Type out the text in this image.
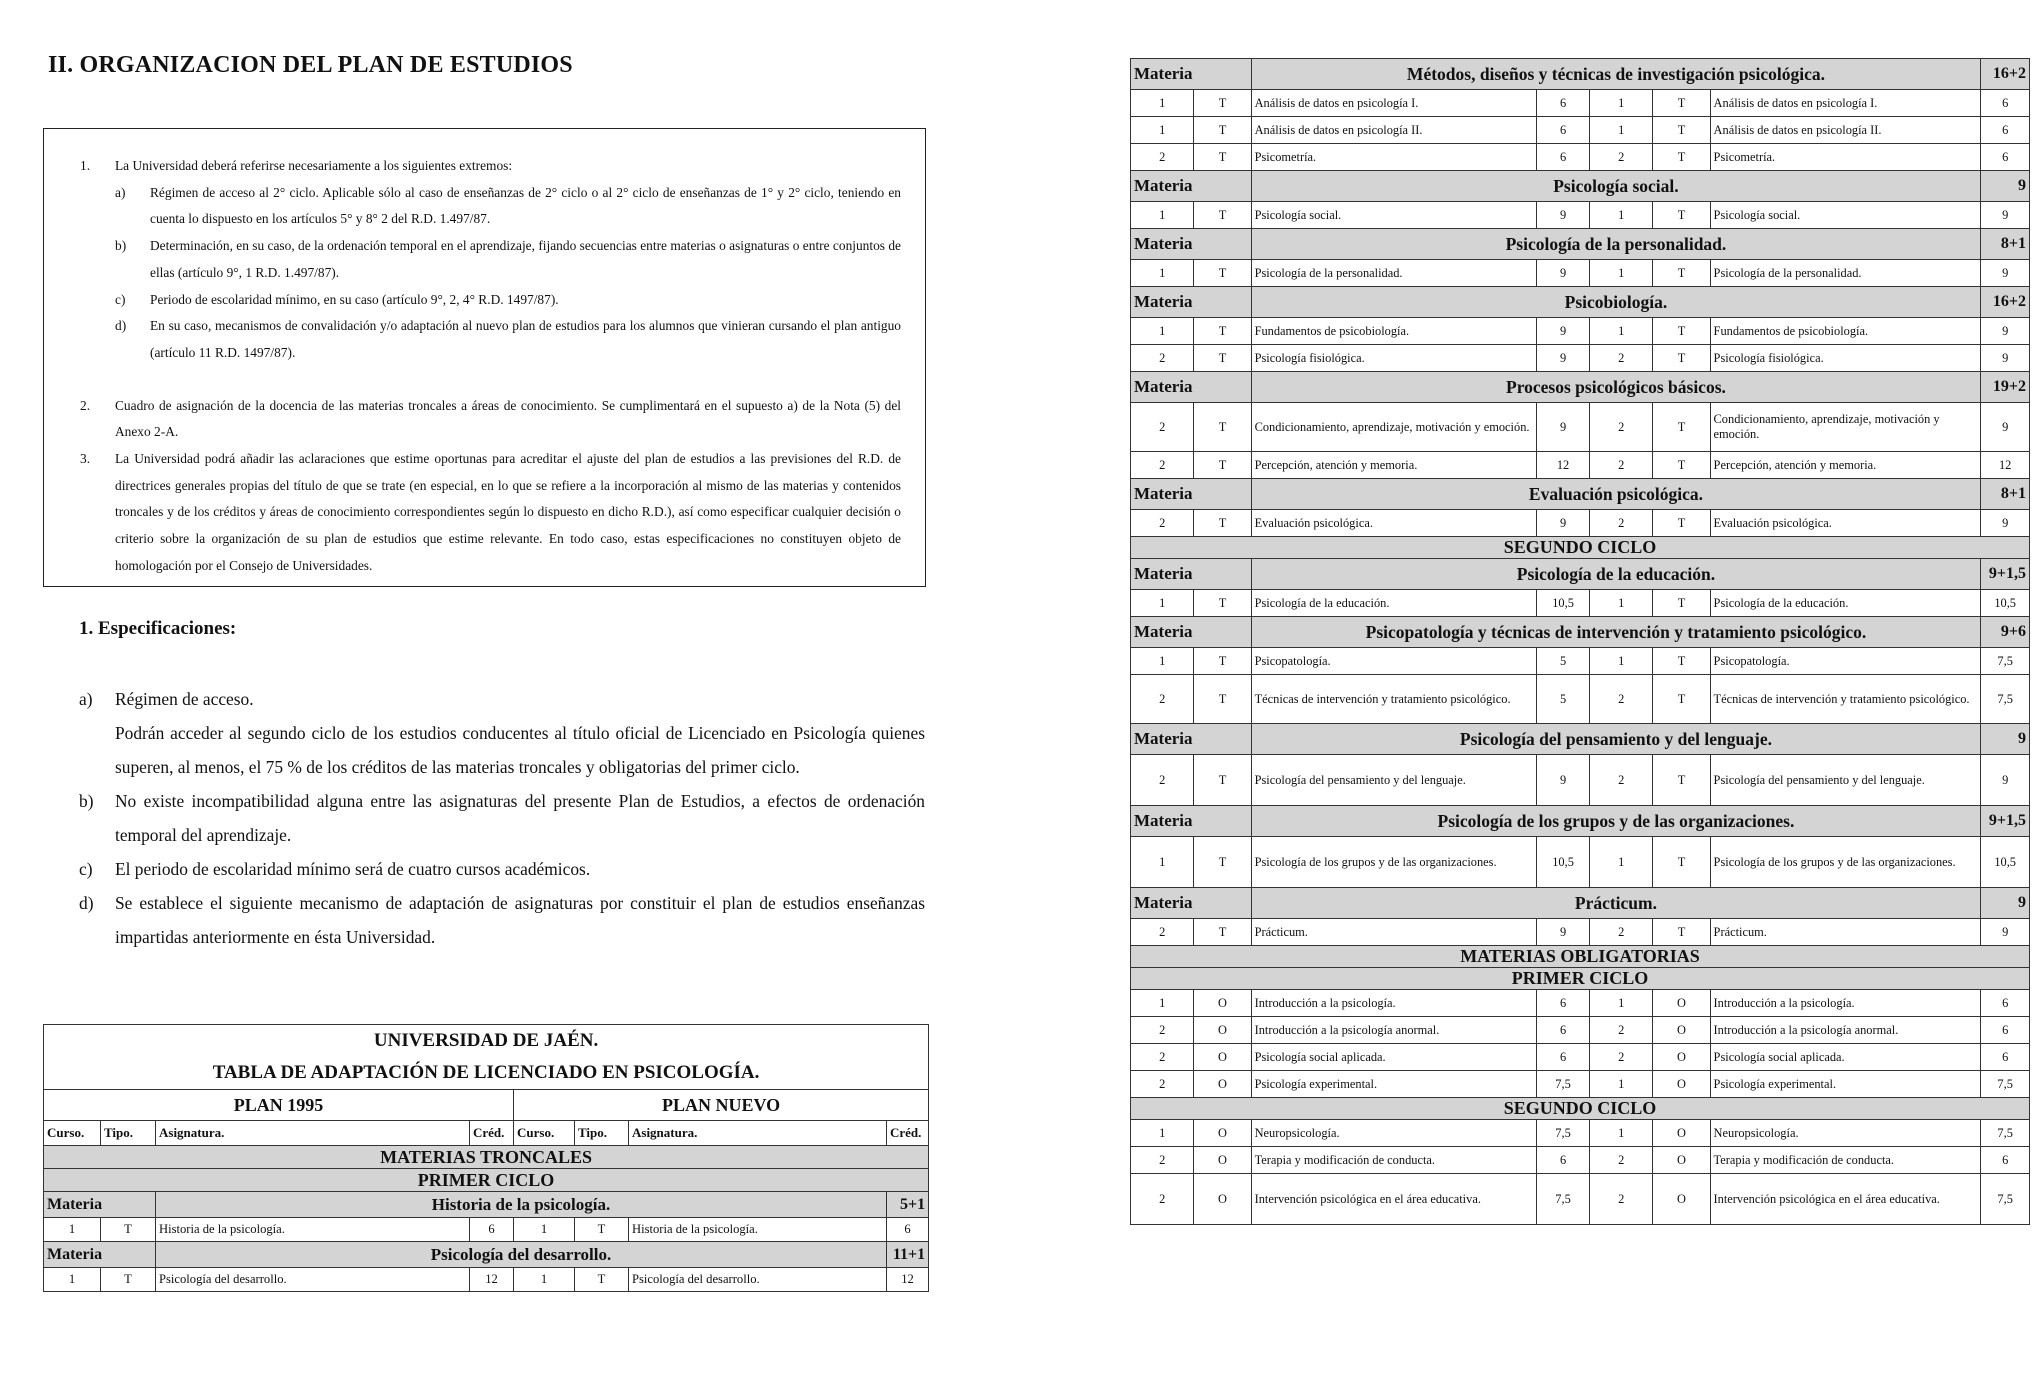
II. ORGANIZACION DEL PLAN DE ESTUDIOS
1.	La Universidad deberá referirse necesariamente a los siguientes extremos:
a)	Régimen de acceso al 2° ciclo. Aplicable sólo al caso de enseñanzas de 2° ciclo o al 2° ciclo de enseñanzas de 1° y 2° ciclo, teniendo en cuenta lo dispuesto en los artículos 5° y 8° 2 del R.D. 1.497/87.
b)	Determinación, en su caso, de la ordenación temporal en el aprendizaje, fijando secuencias entre materias o asignaturas o entre conjuntos de ellas (artículo 9°, 1 R.D. 1.497/87).
c)	Periodo de escolaridad mínimo, en su caso (artículo 9°, 2, 4° R.D. 1497/87).
d)	En su caso, mecanismos de convalidación y/o adaptación al nuevo plan de estudios para los alumnos que vinieran cursando el plan antiguo (artículo 11 R.D. 1497/87).
2.	Cuadro de asignación de la docencia de las materias troncales a áreas de conocimiento. Se cumplimentará en el supuesto a) de la Nota (5) del Anexo 2-A.
3.	La Universidad podrá añadir las aclaraciones que estime oportunas para acreditar el ajuste del plan de estudios a las previsiones del R.D. de directrices generales propias del título de que se trate (en especial, en lo que se refiere a la incorporación al mismo de las materias y contenidos troncales y de los créditos y áreas de conocimiento correspondientes según lo dispuesto en dicho R.D.), así como especificar cualquier decisión o criterio sobre la organización de su plan de estudios que estime relevante. En todo caso, estas especificaciones no constituyen objeto de homologación por el Consejo de Universidades.
1. Especificaciones:
a)	Régimen de acceso.
Podrán acceder al segundo ciclo de los estudios conducentes al título oficial de Licenciado en Psicología quienes superen, al menos, el 75 % de los créditos de las materias troncales y obligatorias del primer ciclo.
b)	No existe incompatibilidad alguna entre las asignaturas del presente Plan de Estudios, a efectos de ordenación temporal del aprendizaje.
c)	El periodo de escolaridad mínimo será de cuatro cursos académicos.
d)	Se establece el siguiente mecanismo de adaptación de asignaturas por constituir el plan de estudios enseñanzas impartidas anteriormente en ésta Universidad.
UNIVERSIDAD DE JAÉN.							
TABLA DE ADAPTACIÓN DE LICENCIADO EN PSICOLOGÍA.							
PLAN 1995				PLAN NUEVO			
Curso.	Tipo.	Asignatura.	Créd.	Curso.	Tipo.	Asignatura.	Créd.
MATERIAS TRONCALES							
PRIMER CICLO							
Materia		Historia de la psicología.					5+1
1	T	Historia de la psicología.	6	1	T	Historia de la psicología.	6
Materia		Psicología del desarrollo.					11+1
1	T	Psicología del desarrollo.	12	1	T	Psicología del desarrollo.	12
Materia		Métodos, diseños y técnicas de investigación psicológica.					16+2
1	T	Análisis de datos en psicología I.	6	1	T	Análisis de datos en psicología I.	6
1	T	Análisis de datos en psicología II.	6	1	T	Análisis de datos en psicología II.	6
2	T	Psicometría.	6	2	T	Psicometría.	6
Materia		Psicología social.					9
1	T	Psicología social.	9	1	T	Psicología social.	9
Materia		Psicología de la personalidad.					8+1
1	T	Psicología de la personalidad.	9	1	T	Psicología de la personalidad.	9
Materia		Psicobiología.					16+2
1	T	Fundamentos de psicobiología.	9	1	T	Fundamentos de psicobiología.	9
2	T	Psicología fisiológica.	9	2	T	Psicología fisiológica.	9
Materia		Procesos psicológicos básicos.					19+2
2	T	Condicionamiento, aprendizaje, motivación y emoción.	9	2	T	Condicionamiento, aprendizaje, motivación y emoción.	9
2	T	Percepción, atención y memoria.	12	2	T	Percepción, atención y memoria.	12
Materia		Evaluación psicológica.					8+1
2	T	Evaluación psicológica.	9	2	T	Evaluación psicológica.	9
SEGUNDO CICLO							
Materia		Psicología de la educación.					9+1,5
1	T	Psicología de la educación.	10,5	1	T	Psicología de la educación.	10,5
Materia		Psicopatología y técnicas de intervención y tratamiento psicológico.					9+6
1	T	Psicopatología.	5	1	T	Psicopatología.	7,5
2	T	Técnicas de intervención y tratamiento psicológico.	5	2	T	Técnicas de intervención y tratamiento psicológico.	7,5
Materia		Psicología del pensamiento y del lenguaje.					9
2	T	Psicología del pensamiento y del lenguaje.	9	2	T	Psicología del pensamiento y del lenguaje.	9
Materia		Psicología de los grupos y de las organizaciones.					9+1,5
1	T	Psicología de los grupos y de las organizaciones.	10,5	1	T	Psicología de los grupos y de las organizaciones.	10,5
Materia		Prácticum.					9
2	T	Prácticum.	9	2	T	Prácticum.	9
MATERIAS OBLIGATORIAS							
PRIMER CICLO							
1	O	Introducción a la psicología.	6	1	O	Introducción a la psicología.	6
2	O	Introducción a la psicología anormal.	6	2	O	Introducción a la psicología anormal.	6
2	O	Psicología social aplicada.	6	2	O	Psicología social aplicada.	6
2	O	Psicología experimental.	7,5	1	O	Psicología experimental.	7,5
SEGUNDO CICLO							
1	O	Neuropsicología.	7,5	1	O	Neuropsicología.	7,5
2	O	Terapia y modificación de conducta.	6	2	O	Terapia y modificación de conducta.	6
2	O	Intervención psicológica en el área educativa.	7,5	2	O	Intervención psicológica en el área educativa.	7,5
